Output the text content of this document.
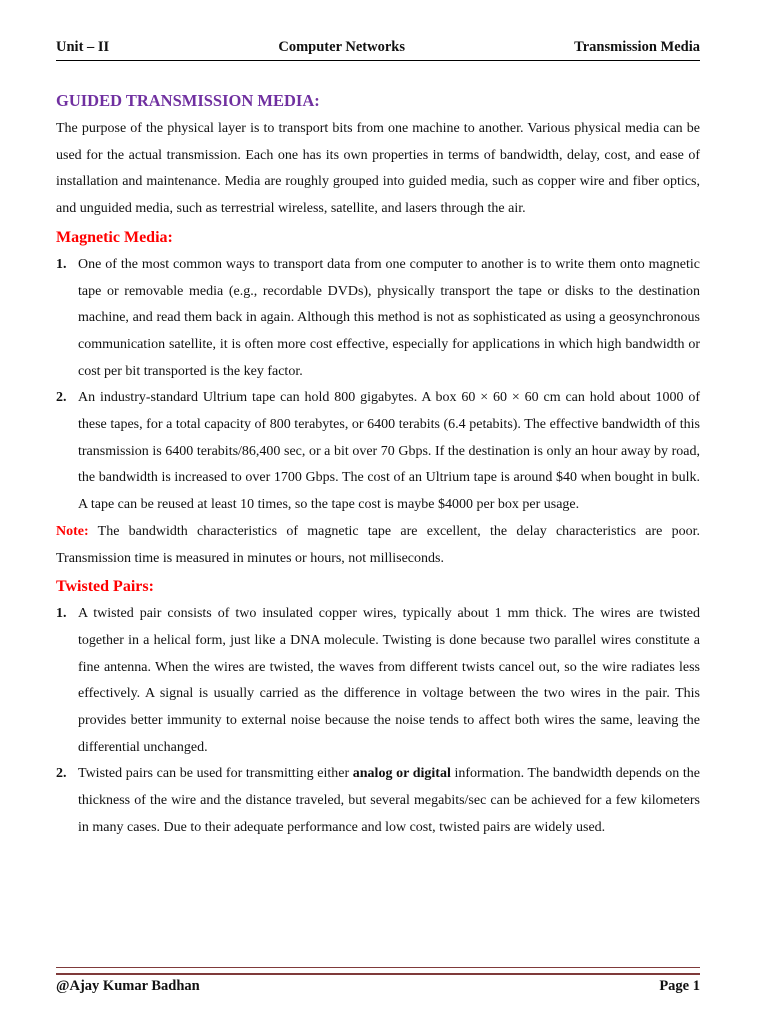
Unit – II	Computer Networks	Transmission Media
GUIDED TRANSMISSION MEDIA:

The purpose of the physical layer is to transport bits from one machine to another. Various physical media can be used for the actual transmission. Each one has its own properties in terms of bandwidth, delay, cost, and ease of installation and maintenance. Media are roughly grouped into guided media, such as copper wire and fiber optics, and unguided media, such as terrestrial wireless, satellite, and lasers through the air.

Magnetic Media:
1. One of the most common ways to transport data from one computer to another is to write them onto magnetic tape or removable media (e.g., recordable DVDs), physically transport the tape or disks to the destination machine, and read them back in again. Although this method is not as sophisticated as using a geosynchronous communication satellite, it is often more cost effective, especially for applications in which high bandwidth or cost per bit transported is the key factor.
2. An industry-standard Ultrium tape can hold 800 gigabytes. A box 60 × 60 × 60 cm can hold about 1000 of these tapes, for a total capacity of 800 terabytes, or 6400 terabits (6.4 petabits). The effective bandwidth of this transmission is 6400 terabits/86,400 sec, or a bit over 70 Gbps. If the destination is only an hour away by road, the bandwidth is increased to over 1700 Gbps. The cost of an Ultrium tape is around $40 when bought in bulk. A tape can be reused at least 10 times, so the tape cost is maybe $4000 per box per usage.

Note: The bandwidth characteristics of magnetic tape are excellent, the delay characteristics are poor. Transmission time is measured in minutes or hours, not milliseconds.

Twisted Pairs:
1. A twisted pair consists of two insulated copper wires, typically about 1 mm thick. The wires are twisted together in a helical form, just like a DNA molecule. Twisting is done because two parallel wires constitute a fine antenna. When the wires are twisted, the waves from different twists cancel out, so the wire radiates less effectively. A signal is usually carried as the difference in voltage between the two wires in the pair. This provides better immunity to external noise because the noise tends to affect both wires the same, leaving the differential unchanged.
2. Twisted pairs can be used for transmitting either analog or digital information. The bandwidth depends on the thickness of the wire and the distance traveled, but several megabits/sec can be achieved for a few kilometers in many cases. Due to their adequate performance and low cost, twisted pairs are widely used.
@Ajay Kumar Badhan	Page 1
